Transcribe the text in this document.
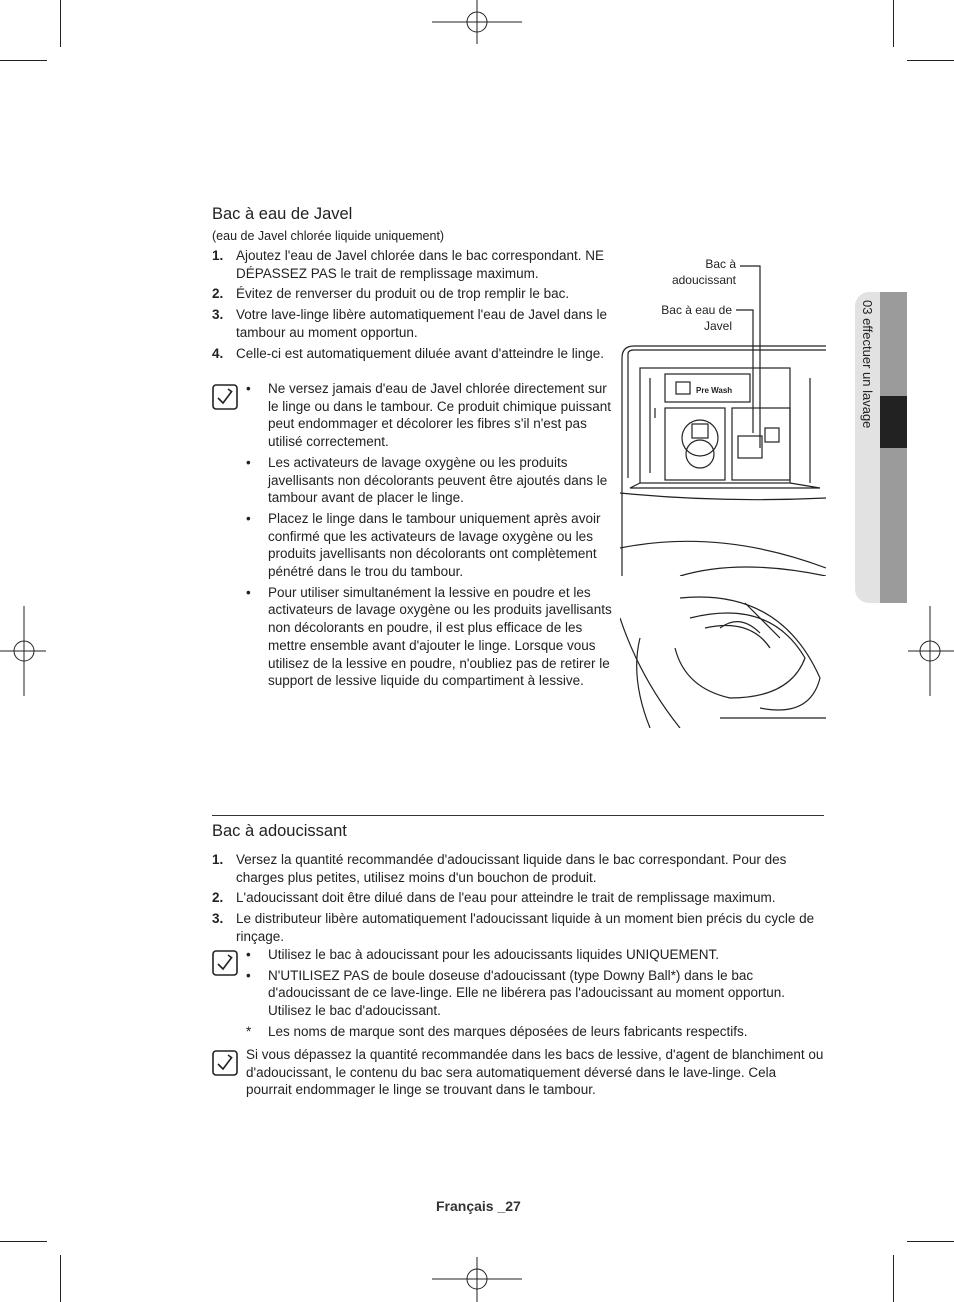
03 effectuer un lavage
Bac à eau de Javel
(eau de Javel chlorée liquide uniquement)
1. Ajoutez l'eau de Javel chlorée dans le bac correspondant. NE DÉPASSEZ PAS le trait de remplissage maximum.
2. Évitez de renverser du produit ou de trop remplir le bac.
3. Votre lave-linge libère automatiquement l'eau de Javel dans le tambour au moment opportun.
4. Celle-ci est automatiquement diluée avant d'atteindre le linge.
• Ne versez jamais d'eau de Javel chlorée directement sur le linge ou dans le tambour. Ce produit chimique puissant peut endommager et décolorer les fibres s'il n'est pas utilisé correctement.
• Les activateurs de lavage oxygène ou les produits javellisants non décolorants peuvent être ajoutés dans le tambour avant de placer le linge.
• Placez le linge dans le tambour uniquement après avoir confirmé que les activateurs de lavage oxygène ou les produits javellisants non décolorants ont complètement pénétré dans le trou du tambour.
• Pour utiliser simultanément la lessive en poudre et les activateurs de lavage oxygène ou les produits javellisants non décolorants en poudre, il est plus efficace de les mettre ensemble avant d'ajouter le linge. Lorsque vous utilisez de la lessive en poudre, n'oubliez pas de retirer le support de lessive liquide du compartiment à lessive.
Bac à adoucissant
Bac à eau de Javel
Pre Wash
Bac à adoucissant
1. Versez la quantité recommandée d'adoucissant liquide dans le bac correspondant. Pour des charges plus petites, utilisez moins d'un bouchon de produit.
2. L'adoucissant doit être dilué dans de l'eau pour atteindre le trait de remplissage maximum.
3. Le distributeur libère automatiquement l'adoucissant liquide à un moment bien précis du cycle de rinçage.
• Utilisez le bac à adoucissant pour les adoucissants liquides UNIQUEMENT.
• N'UTILISEZ PAS de boule doseuse d'adoucissant (type Downy Ball*) dans le bac d'adoucissant de ce lave-linge. Elle ne libérera pas l'adoucissant au moment opportun. Utilisez le bac d'adoucissant.
* Les noms de marque sont des marques déposées de leurs fabricants respectifs.
Si vous dépassez la quantité recommandée dans les bacs de lessive, d'agent de blanchiment ou d'adoucissant, le contenu du bac sera automatiquement déversé dans le lave-linge. Cela pourrait endommager le linge se trouvant dans le tambour.
Français _27
